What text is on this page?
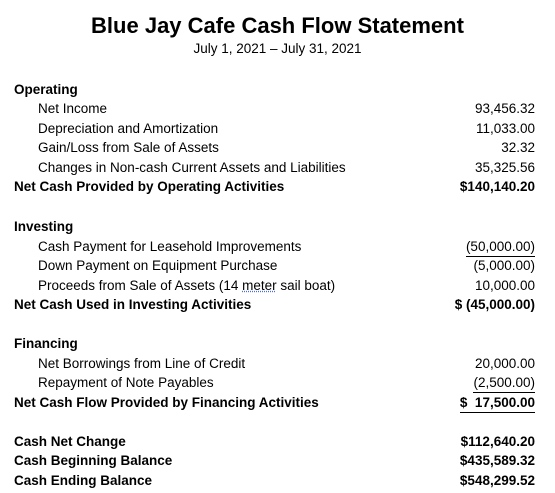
Blue Jay Cafe Cash Flow Statement
July 1, 2021 – July 31, 2021
Operating
Net Income	93,456.32
Depreciation and Amortization	11,033.00
Gain/Loss from Sale of Assets	32.32
Changes in Non-cash Current Assets and Liabilities	35,325.56
Net Cash Provided by Operating Activities	$140,140.20
Investing
Cash Payment for Leasehold Improvements	(50,000.00)
Down Payment on Equipment Purchase	(5,000.00)
Proceeds from Sale of Assets (14 meter sail boat)	10,000.00
Net Cash Used in Investing Activities	$ (45,000.00)
Financing
Net Borrowings from Line of Credit	20,000.00
Repayment of Note Payables	(2,500.00)
Net Cash Flow Provided by Financing Activities	$  17,500.00
Cash Net Change	$112,640.20
Cash Beginning Balance	$435,589.32
Cash Ending Balance	$548,299.52
